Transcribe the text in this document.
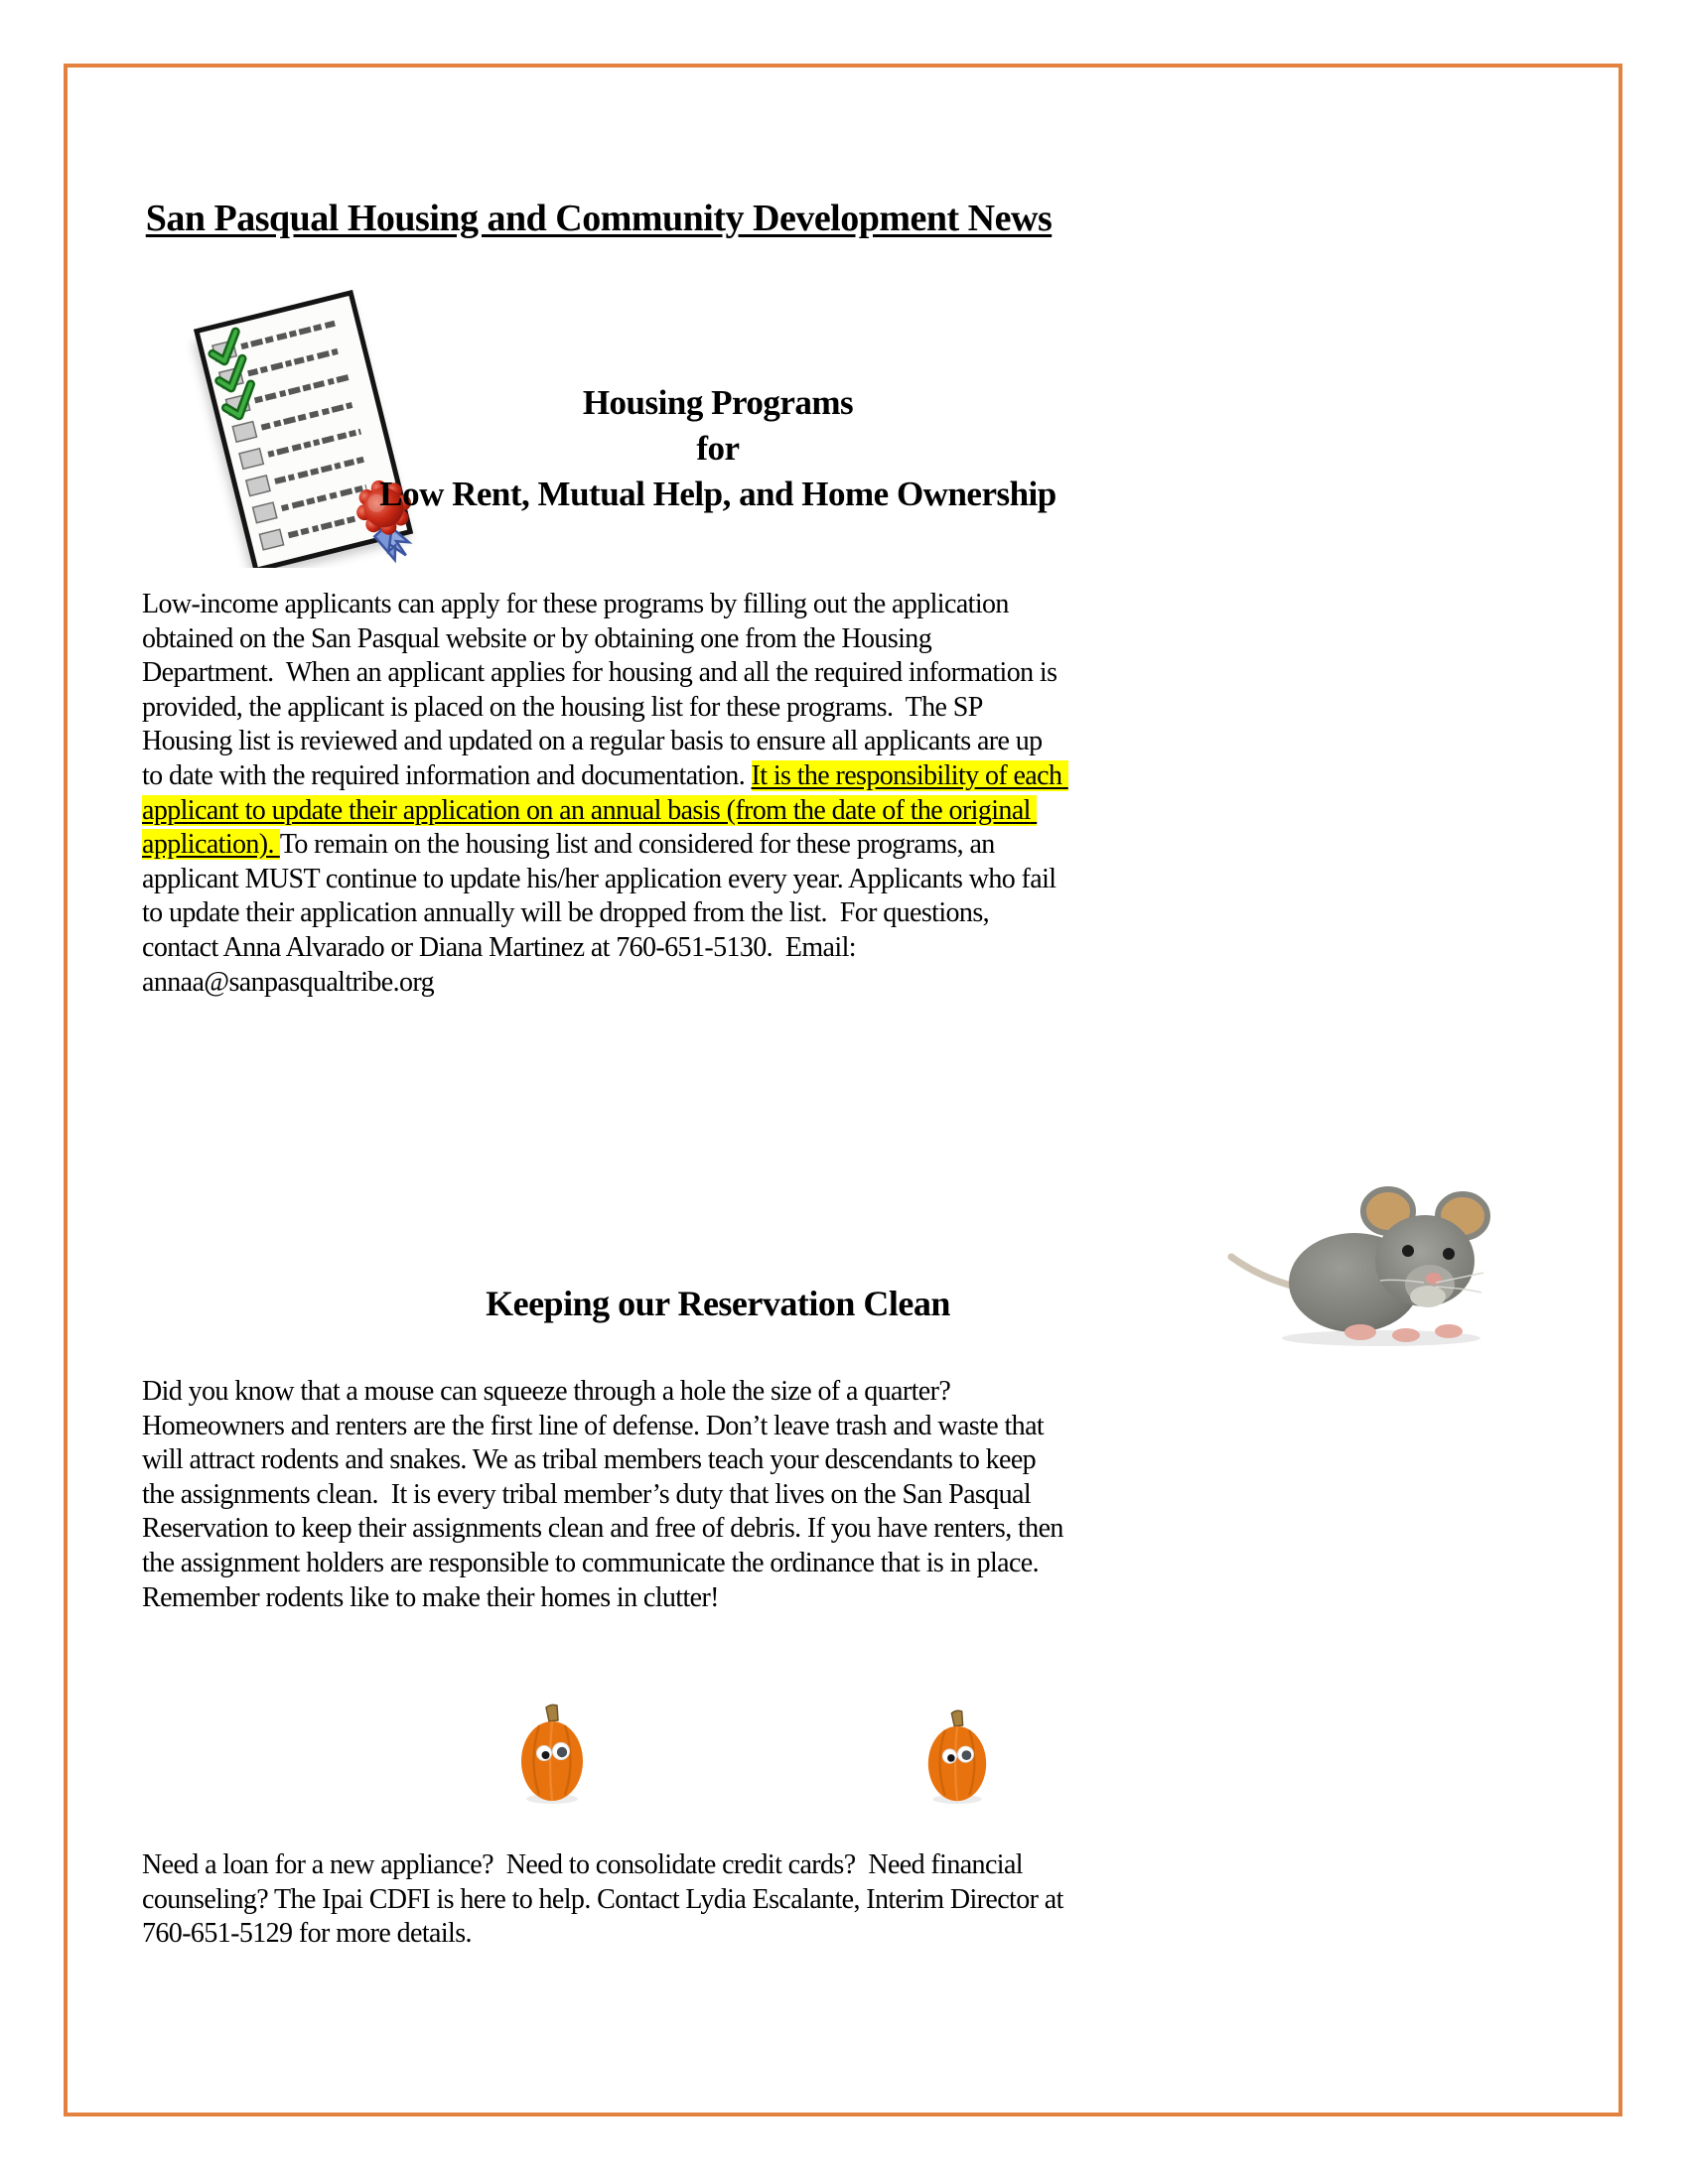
San Pasqual Housing and Community Development News
Housing Programs
for
Low Rent, Mutual Help, and Home Ownership

Low-income applicants can apply for these programs by filling out the application obtained on the San Pasqual website or by obtaining one from the Housing Department.  When an applicant applies for housing and all the required information is provided, the applicant is placed on the housing list for these programs.  The SP Housing list is reviewed and updated on a regular basis to ensure all applicants are up to date with the required information and documentation. It is the responsibility of each applicant to update their application on an annual basis (from the date of the original application). To remain on the housing list and considered for these programs, an applicant MUST continue to update his/her application every year. Applicants who fail to update their application annually will be dropped from the list.  For questions, contact Anna Alvarado or Diana Martinez at 760-651-5130.  Email:  annaa@sanpasqualtribe.org

Keeping our Reservation Clean

Did you know that a mouse can squeeze through a hole the size of a quarter? Homeowners and renters are the first line of defense. Don’t leave trash and waste that will attract rodents and snakes. We as tribal members teach your descendants to keep the assignments clean.  It is every tribal member’s duty that lives on the San Pasqual Reservation to keep their assignments clean and free of debris. If you have renters, then the assignment holders are responsible to communicate the ordinance that is in place. Remember rodents like to make their homes in clutter!

Need a loan for a new appliance?  Need to consolidate credit cards?  Need financial counseling? The Ipai CDFI is here to help. Contact Lydia Escalante, Interim Director at 760-651-5129 for more details.
